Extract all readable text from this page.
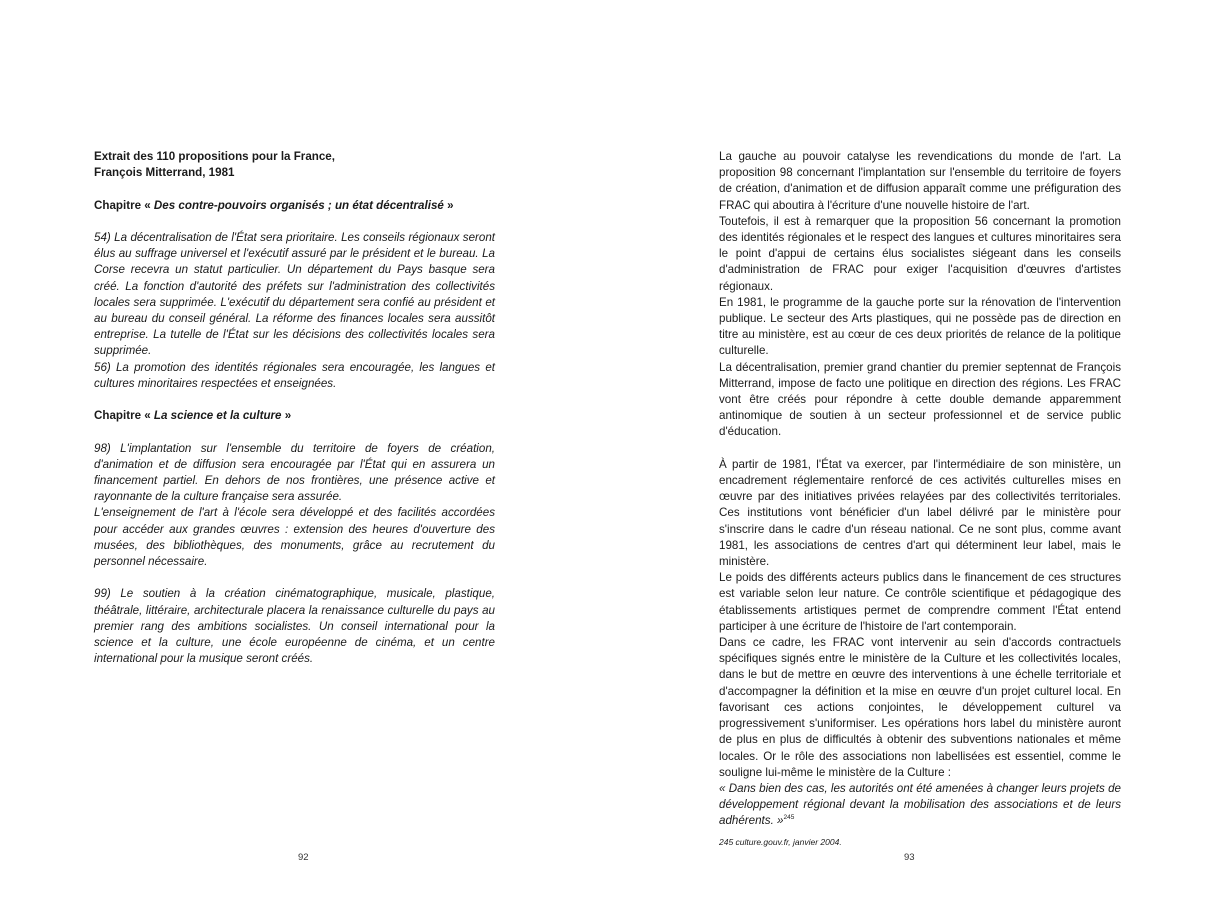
Extrait des 110 propositions pour la France,

François Mitterrand, 1981

Chapitre « Des contre-pouvoirs organisés ; un état décentralisé »

54) La décentralisation de l'État sera prioritaire. Les conseils régionaux seront élus au suffrage universel et l'exécutif assuré par le président et le bureau. La Corse recevra un statut particulier. Un département du Pays basque sera créé. La fonction d'autorité des préfets sur l'administration des collectivités locales sera supprimée. L'exécutif du département sera confié au président et au bureau du conseil général. La réforme des finances locales sera aussitôt entreprise. La tutelle de l'État sur les décisions des collectivités locales sera supprimée.

56) La promotion des identités régionales sera encouragée, les langues et cultures minoritaires respectées et enseignées.

Chapitre « La science et la culture »

98) L'implantation sur l'ensemble du territoire de foyers de création, d'animation et de diffusion sera encouragée par l'État qui en assurera un financement partiel. En dehors de nos frontières, une présence active et rayonnante de la culture française sera assurée.

L'enseignement de l'art à l'école sera développé et des facilités accordées pour accéder aux grandes œuvres : extension des heures d'ouverture des musées, des bibliothèques, des monuments, grâce au recrutement du personnel nécessaire.

99) Le soutien à la création cinématographique, musicale, plastique, théâtrale, littéraire, architecturale placera la renaissance culturelle du pays au premier rang des ambitions socialistes. Un conseil international pour la science et la culture, une école européenne de cinéma, et un centre international pour la musique seront créés.

92

La gauche au pouvoir catalyse les revendications du monde de l'art. La proposition 98 concernant l'implantation sur l'ensemble du territoire de foyers de création, d'animation et de diffusion apparaît comme une préfiguration des FRAC qui aboutira à l'écriture d'une nouvelle histoire de l'art.

Toutefois, il est à remarquer que la proposition 56 concernant la promotion des identités régionales et le respect des langues et cultures minoritaires sera le point d'appui de certains élus socialistes siégeant dans les conseils d'administration de FRAC pour exiger l'acquisition d'œuvres d'artistes régionaux.

En 1981, le programme de la gauche porte sur la rénovation de l'intervention publique. Le secteur des Arts plastiques, qui ne possède pas de direction en titre au ministère, est au cœur de ces deux priorités de relance de la politique culturelle.

La décentralisation, premier grand chantier du premier septennat de François Mitterrand, impose de facto une politique en direction des régions. Les FRAC vont être créés pour répondre à cette double demande apparemment antinomique de soutien à un secteur professionnel et de service public d'éducation.

À partir de 1981, l'État va exercer, par l'intermédiaire de son ministère, un encadrement réglementaire renforcé de ces activités culturelles mises en œuvre par des initiatives privées relayées par des collectivités territoriales. Ces institutions vont bénéficier d'un label délivré par le ministère pour s'inscrire dans le cadre d'un réseau national. Ce ne sont plus, comme avant 1981, les associations de centres d'art qui déterminent leur label, mais le ministère.

Le poids des différents acteurs publics dans le financement de ces structures est variable selon leur nature. Ce contrôle scientifique et pédagogique des établissements artistiques permet de comprendre comment l'État entend participer à une écriture de l'histoire de l'art contemporain.

Dans ce cadre, les FRAC vont intervenir au sein d'accords contractuels spécifiques signés entre le ministère de la Culture et les collectivités locales, dans le but de mettre en œuvre des interventions à une échelle territoriale et d'accompagner la définition et la mise en œuvre d'un projet culturel local. En favorisant ces actions conjointes, le développement culturel va progressivement s'uniformiser. Les opérations hors label du ministère auront de plus en plus de difficultés à obtenir des subventions nationales et même locales. Or le rôle des associations non labellisées est essentiel, comme le souligne lui-même le ministère de la Culture :

« Dans bien des cas, les autorités ont été amenées à changer leurs projets de développement régional devant la mobilisation des associations et de leurs adhérents. »$^{245}$

245 culture.gouv.fr, janvier 2004.

93
